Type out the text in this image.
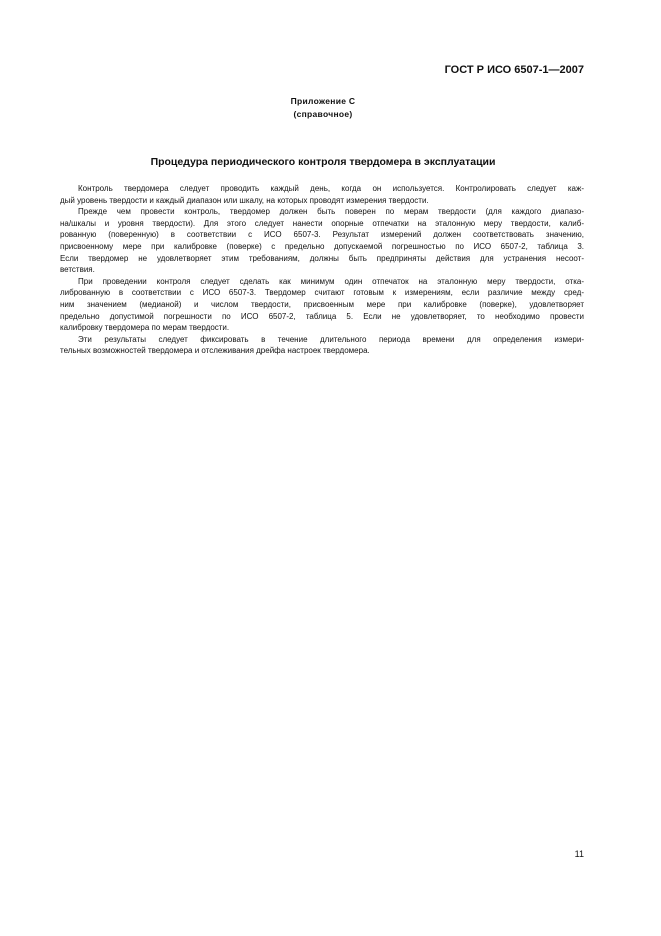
ГОСТ Р ИСО 6507-1—2007
Приложение С
(справочное)
Процедура периодического контроля твердомера в эксплуатации
Контроль твердомера следует проводить каждый день, когда он используется. Контролировать следует каж-
дый уровень твердости и каждый диапазон или шкалу, на которых проводят измерения твердости.
Прежде чем провести контроль, твердомер должен быть поверен по мерам твердости (для каждого диапазо-
на/шкалы и уровня твердости). Для этого следует нанести опорные отпечатки на эталонную меру твердости, калиб-
рованную (поверенную) в соответствии с ИСО 6507-3. Результат измерений должен соответствовать значению,
присвоенному мере при калибровке (поверке) с предельно допускаемой погрешностью по ИСО 6507-2, таблица 3.
Если твердомер не удовлетворяет этим требованиям, должны быть предприняты действия для устранения несоот-
ветствия.
При проведении контроля следует сделать как минимум один отпечаток на эталонную меру твердости, отка-
либрованную в соответствии с ИСО 6507-3. Твердомер считают готовым к измерениям, если различие между сред-
ним значением (медианой) и числом твердости, присвоенным мере при калибровке (поверке), удовлетворяет
предельно допустимой погрешности по ИСО 6507-2, таблица 5. Если не удовлетворяет, то необходимо провести
калибровку твердомера по мерам твердости.
Эти результаты следует фиксировать в течение длительного периода времени для определения измери-
тельных возможностей твердомера и отслеживания дрейфа настроек твердомера.
11
